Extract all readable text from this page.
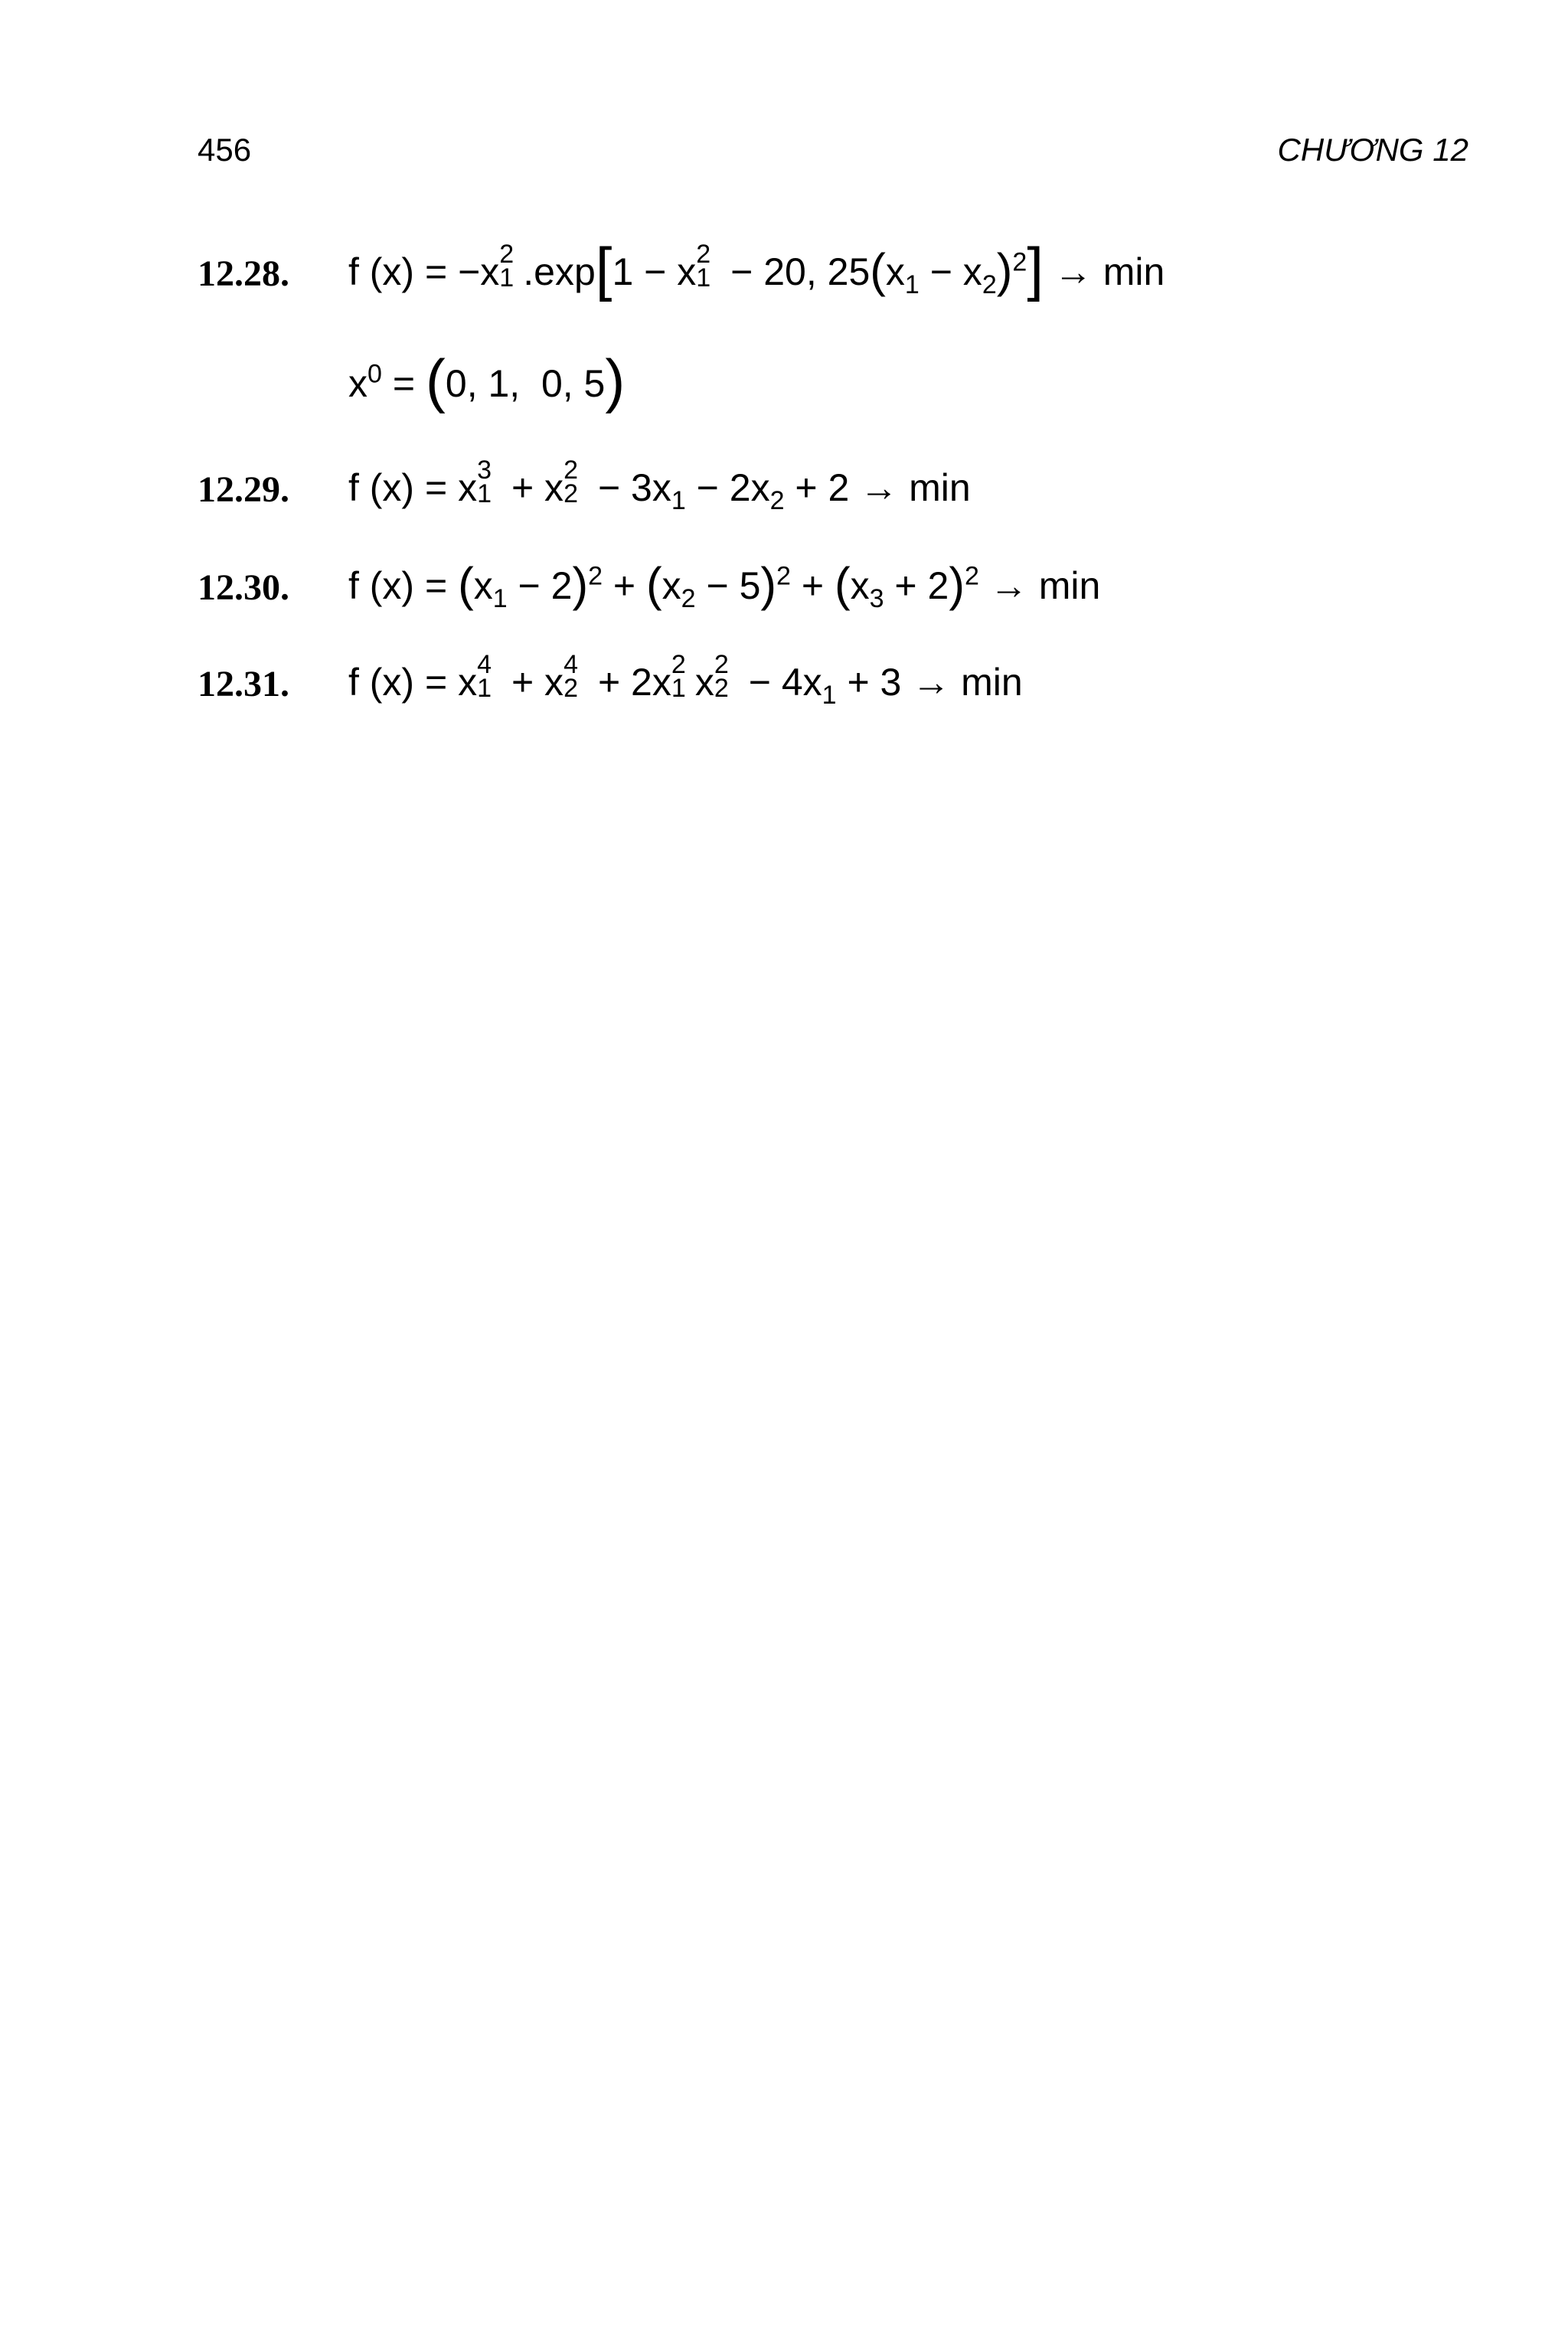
456	CHƯƠNG 12
12.28. f (x) = −x 2
1 .exp[1 − x 2
1 − 20, $25(x_1 - x_2)^2] \to \min$
$x^0 = (0$, 1,  0, 5)
12.29. f (x) = x 3
1 + x 2
$2 - 3x_1 - 2x_2 + 2 \to \min$
12.30. f $(x) = (x_1 - 2)^2 + (x_2 - 5)^2 + (x_3 + 2)^2 \to \min$
12.31. f (x) = x 4
1 + x 4
2 + 2x 2
1 x 2
$2 - 4x_1 + 3 \to \min$
